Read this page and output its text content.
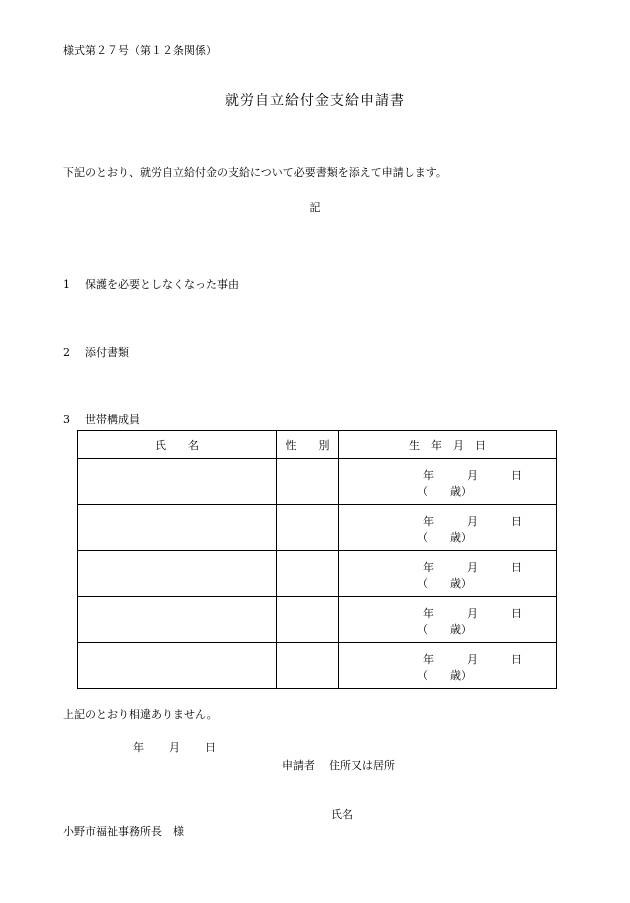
様式第２７号（第１２条関係）
就労自立給付金支給申請書
下記のとおり、就労自立給付金の支給について必要書類を添えて申請します。
記
1 保護を必要としなくなった事由
2 添付書類
3 世帯構成員
氏　　名	性　　別	生　年　月　日

		年 月 日
（ 歳）

		年 月 日
（ 歳）

		年 月 日
（ 歳）

		年 月 日
（ 歳）

		年 月 日
（ 歳）
上記のとおり相違ありません。
年 月 日
申請者 住所又は居所
氏名
小野市福祉事務所長　様
